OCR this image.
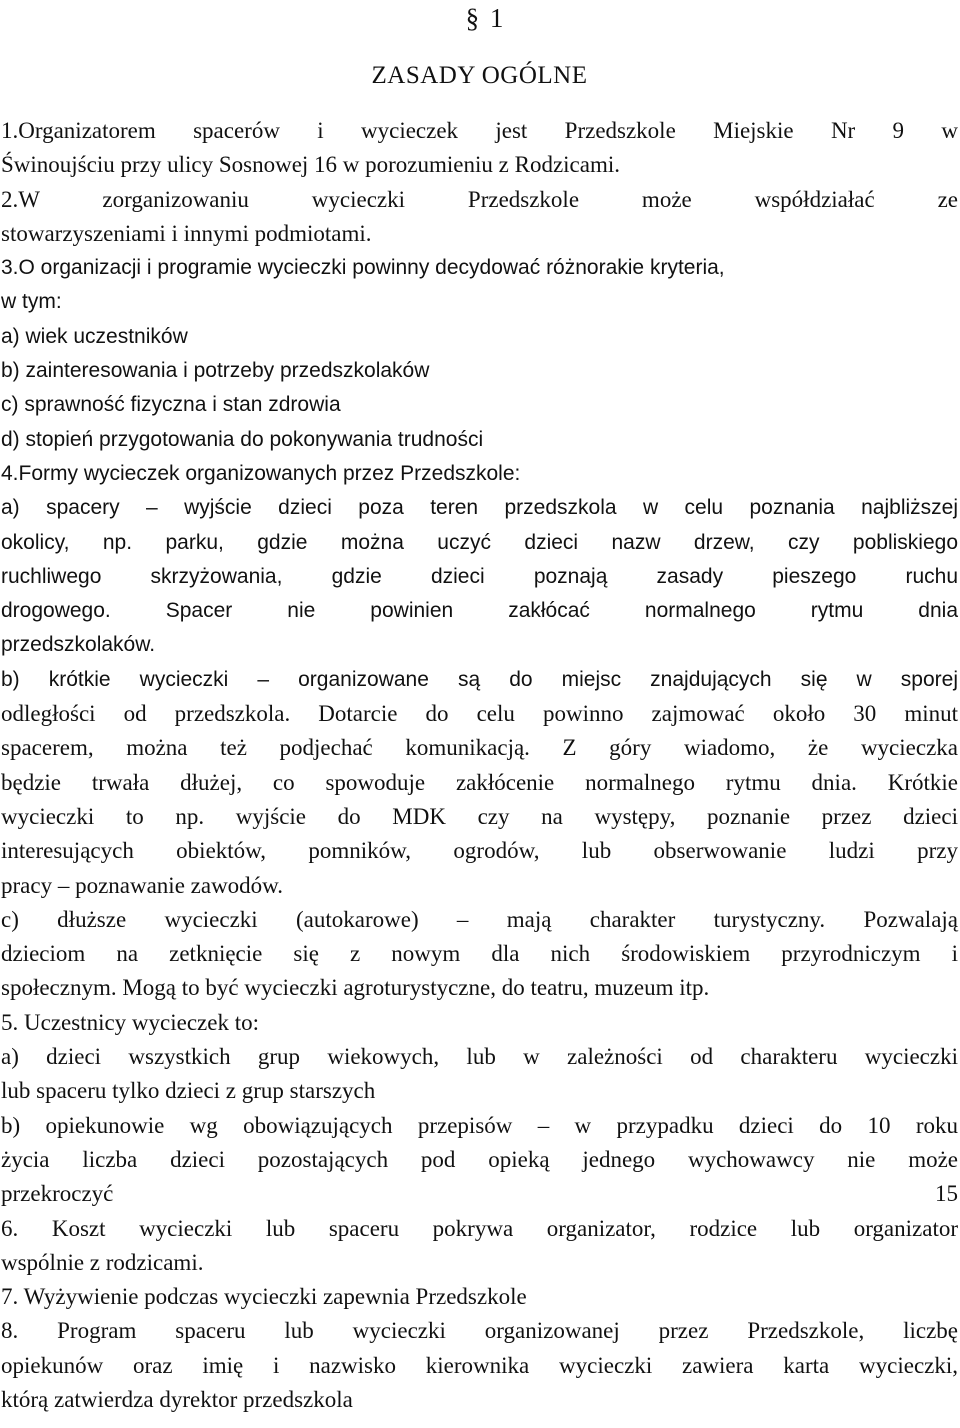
§ 1
ZASADY OGÓLNE

1.Organizatorem spacerów i wycieczek jest Przedszkole Miejskie Nr 9 w

Świnoujściu przy ulicy Sosnowej 16 w porozumieniu z Rodzicami.

2.W zorganizowaniu wycieczki Przedszkole może współdziałać ze

stowarzyszeniami i innymi podmiotami.

3.O organizacji i programie wycieczki powinny decydować różnorakie kryteria,

w tym:

a) wiek uczestników

b) zainteresowania i potrzeby przedszkolaków

c) sprawność fizyczna i stan zdrowia

d) stopień przygotowania do pokonywania trudności

4.Formy wycieczek organizowanych przez Przedszkole:

a) spacery – wyjście dzieci poza teren przedszkola w celu poznania najbliższej

okolicy, np. parku, gdzie można uczyć dzieci nazw drzew, czy pobliskiego

ruchliwego skrzyżowania, gdzie dzieci poznają zasady pieszego ruchu

drogowego. Spacer nie powinien zakłócać normalnego rytmu dnia

przedszkolaków.

b) krótkie wycieczki – organizowane są do miejsc znajdujących się w sporej

odległości od przedszkola. Dotarcie do celu powinno zajmować około 30 minut

spacerem, można też podjechać komunikacją. Z góry wiadomo, że wycieczka

będzie trwała dłużej, co spowoduje zakłócenie normalnego rytmu dnia. Krótkie

wycieczki to np. wyjście do MDK czy na występy, poznanie przez dzieci

interesujących obiektów, pomników, ogrodów, lub obserwowanie ludzi przy

pracy – poznawanie zawodów.

c) dłuższe wycieczki (autokarowe) – mają charakter turystyczny. Pozwalają

dzieciom na zetknięcie się z nowym dla nich środowiskiem przyrodniczym i

społecznym. Mogą to być wycieczki agroturystyczne, do teatru, muzeum itp.

5. Uczestnicy wycieczek to:

a) dzieci wszystkich grup wiekowych, lub w zależności od charakteru wycieczki

lub spaceru tylko dzieci z grup starszych

b) opiekunowie wg obowiązujących przepisów – w przypadku dzieci do 10 roku

życia liczba dzieci pozostających pod opieką jednego wychowawcy nie może

przekroczyć	15

6. Koszt wycieczki lub spaceru pokrywa organizator, rodzice lub organizator

wspólnie z rodzicami.

7. Wyżywienie podczas wycieczki zapewnia Przedszkole

8. Program spaceru lub wycieczki organizowanej przez Przedszkole, liczbę

opiekunów oraz imię i nazwisko kierownika wycieczki zawiera karta wycieczki,

którą zatwierdza dyrektor przedszkola
